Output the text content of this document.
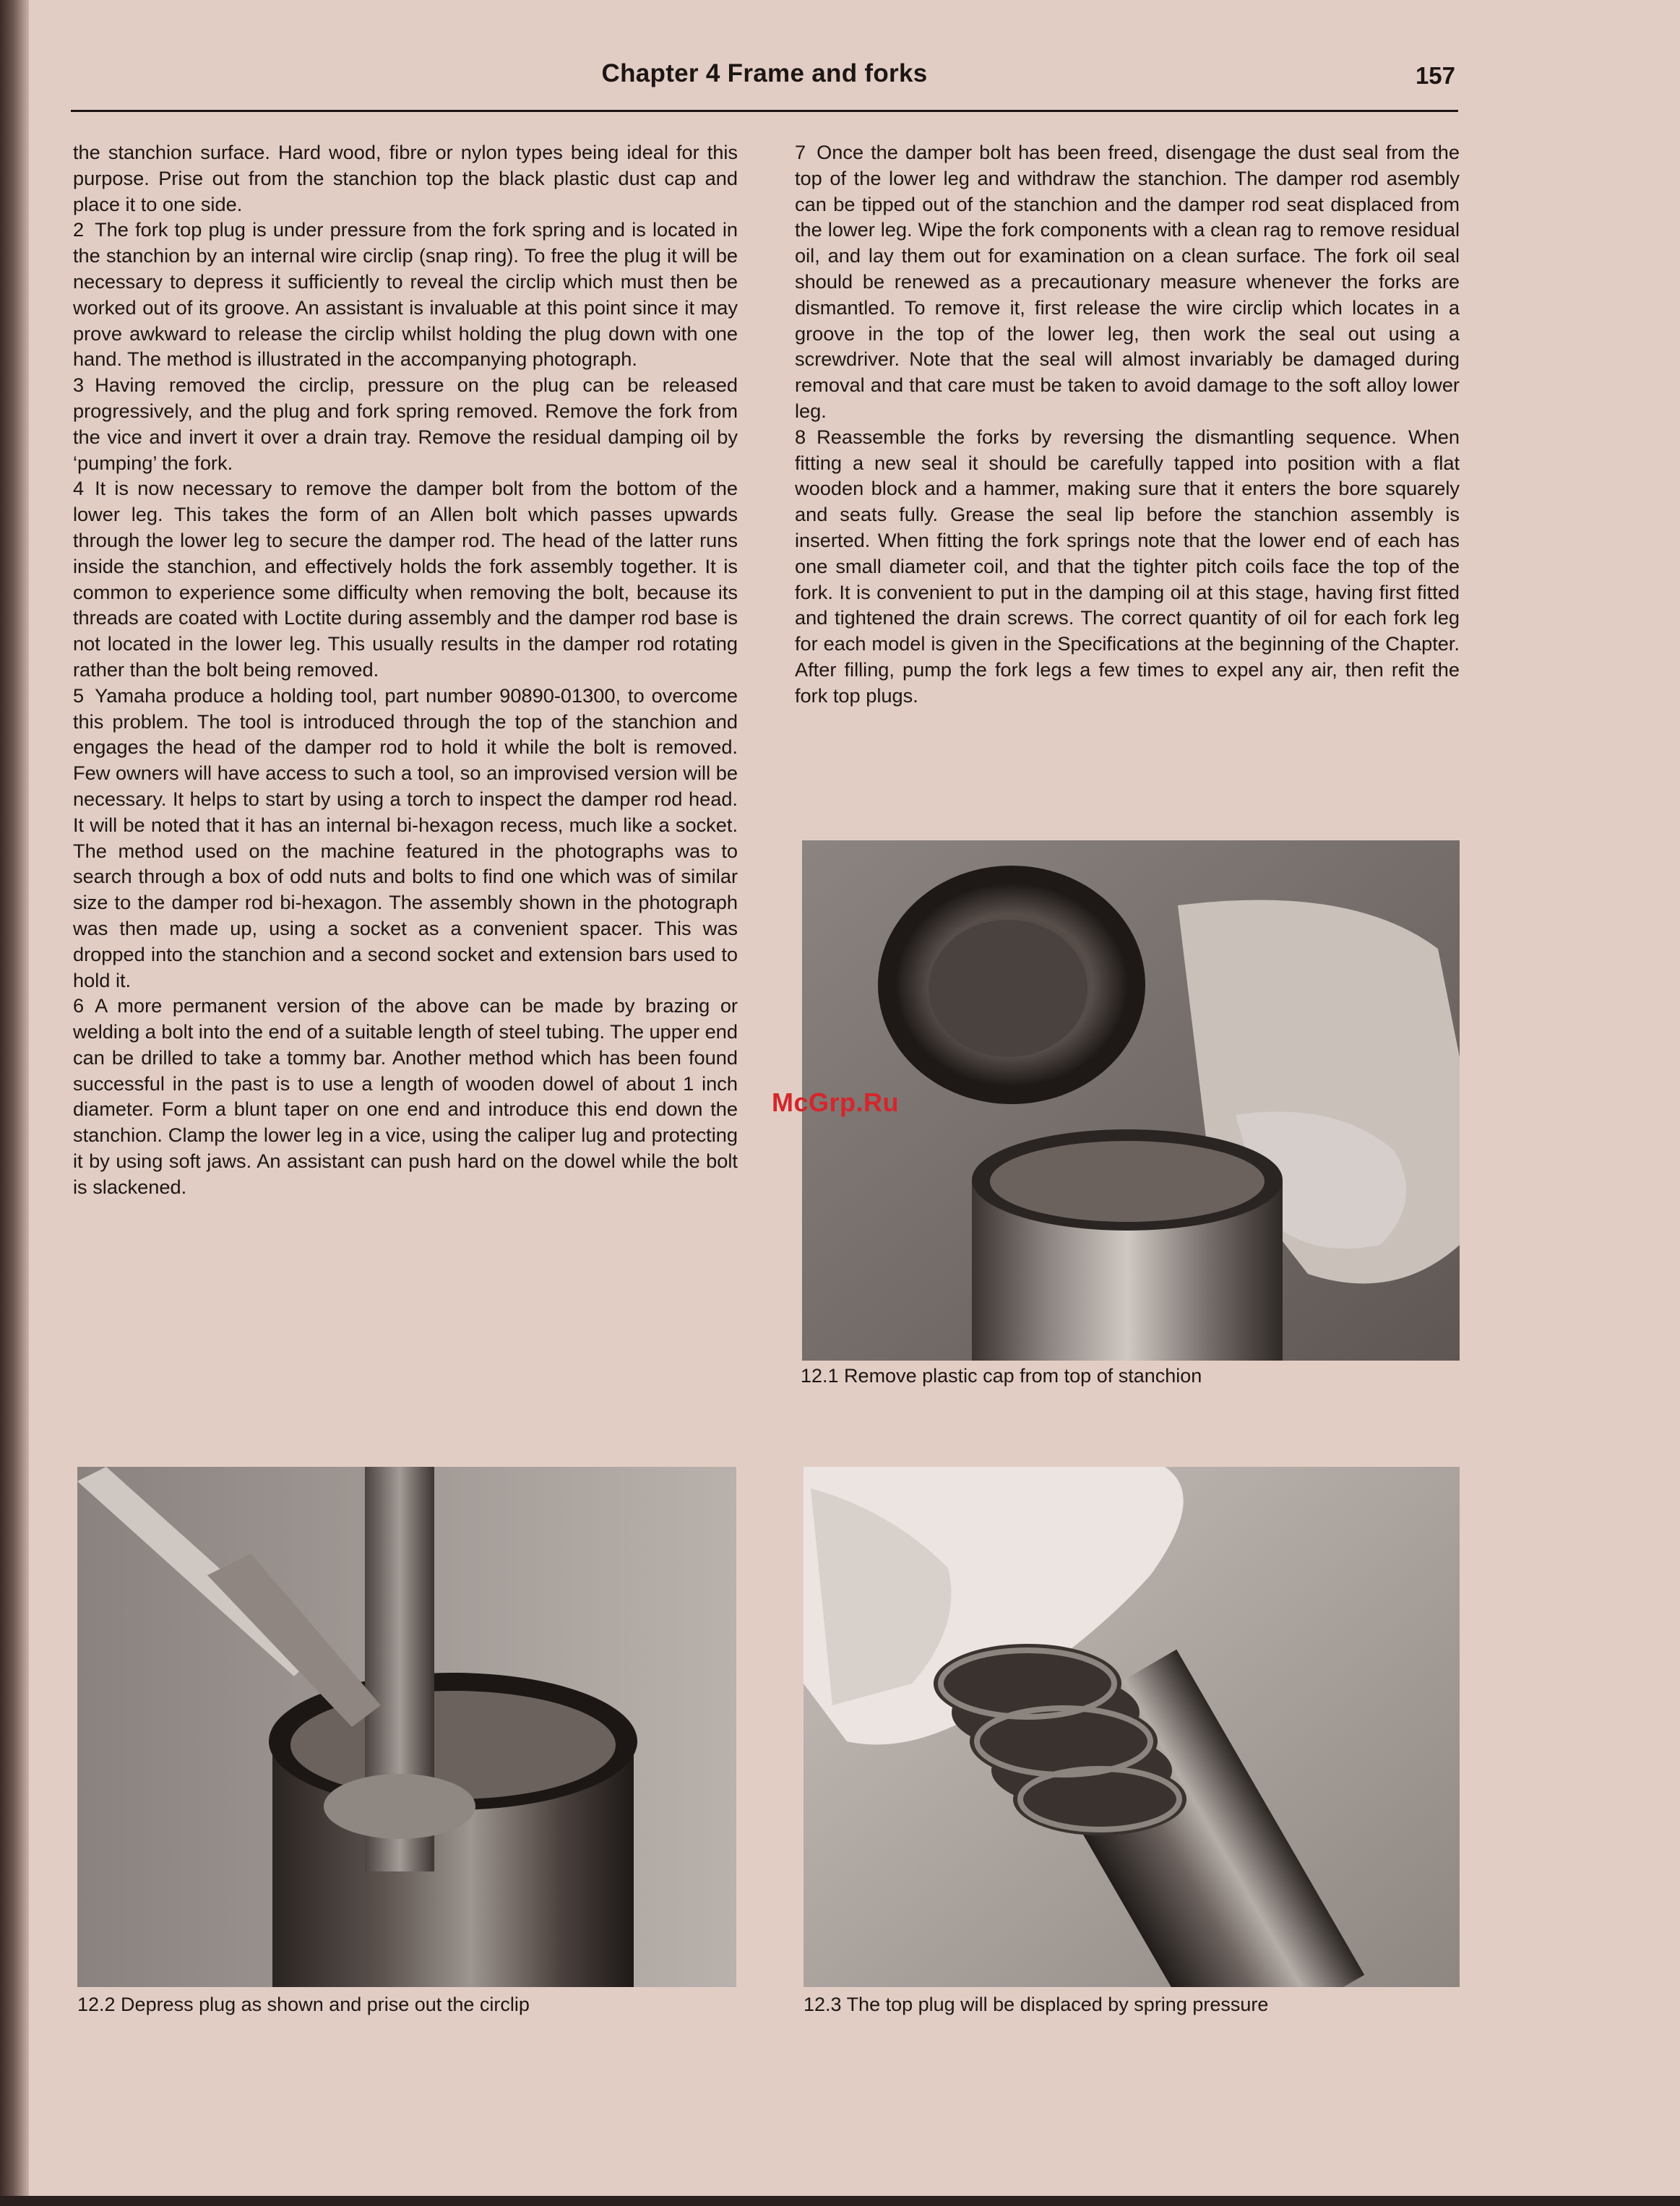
Chapter 4 Frame and forks	157

the stanchion surface. Hard wood, fibre or nylon types being ideal for this purpose. Prise out from the stanchion top the black plastic dust cap and place it to one side.

2 The fork top plug is under pressure from the fork spring and is located in the stanchion by an internal wire circlip (snap ring). To free the plug it will be necessary to depress it sufficiently to reveal the circlip which must then be worked out of its groove. An assistant is invaluable at this point since it may prove awkward to release the circlip whilst holding the plug down with one hand. The method is illustrated in the accompanying photograph.

3 Having removed the circlip, pressure on the plug can be released progressively, and the plug and fork spring removed. Remove the fork from the vice and invert it over a drain tray. Remove the residual damping oil by ‘pumping’ the fork.

4 It is now necessary to remove the damper bolt from the bottom of the lower leg. This takes the form of an Allen bolt which passes upwards through the lower leg to secure the damper rod. The head of the latter runs inside the stanchion, and effectively holds the fork assembly together. It is common to experience some difficulty when removing the bolt, because its threads are coated with Loctite during assembly and the damper rod base is not located in the lower leg. This usually results in the damper rod rotating rather than the bolt being removed.

5 Yamaha produce a holding tool, part number 90890-01300, to overcome this problem. The tool is introduced through the top of the stanchion and engages the head of the damper rod to hold it while the bolt is removed. Few owners will have access to such a tool, so an improvised version will be necessary. It helps to start by using a torch to inspect the damper rod head. It will be noted that it has an internal bi-hexagon recess, much like a socket. The method used on the machine featured in the photographs was to search through a box of odd nuts and bolts to find one which was of similar size to the damper rod bi-hexagon. The assembly shown in the photograph was then made up, using a socket as a convenient spacer. This was dropped into the stanchion and a second socket and extension bars used to hold it.

6 A more permanent version of the above can be made by brazing or welding a bolt into the end of a suitable length of steel tubing. The upper end can be drilled to take a tommy bar. Another method which has been found successful in the past is to use a length of wooden dowel of about 1 inch diameter. Form a blunt taper on one end and introduce this end down the stanchion. Clamp the lower leg in a vice, using the caliper lug and protecting it by using soft jaws. An assistant can push hard on the dowel while the bolt is slackened.

7 Once the damper bolt has been freed, disengage the dust seal from the top of the lower leg and withdraw the stanchion. The damper rod asembly can be tipped out of the stanchion and the damper rod seat displaced from the lower leg. Wipe the fork components with a clean rag to remove residual oil, and lay them out for examination on a clean surface. The fork oil seal should be renewed as a precautionary measure whenever the forks are dismantled. To remove it, first release the wire circlip which locates in a groove in the top of the lower leg, then work the seal out using a screwdriver. Note that the seal will almost invariably be damaged during removal and that care must be taken to avoid damage to the soft alloy lower leg.

8 Reassemble the forks by reversing the dismantling sequence. When fitting a new seal it should be carefully tapped into position with a flat wooden block and a hammer, making sure that it enters the bore squarely and seats fully. Grease the seal lip before the stanchion assembly is inserted. When fitting the fork springs note that the lower end of each has one small diameter coil, and that the tighter pitch coils face the top of the fork. It is convenient to put in the damping oil at this stage, having first fitted and tightened the drain screws. The correct quantity of oil for each fork leg for each model is given in the Specifications at the beginning of the Chapter. After filling, pump the fork legs a few times to expel any air, then refit the fork top plugs.

12.1 Remove plastic cap from top of stanchion
12.2 Depress plug as shown and prise out the circlip	12.3 The top plug will be displaced by spring pressure
McGrp.Ru
